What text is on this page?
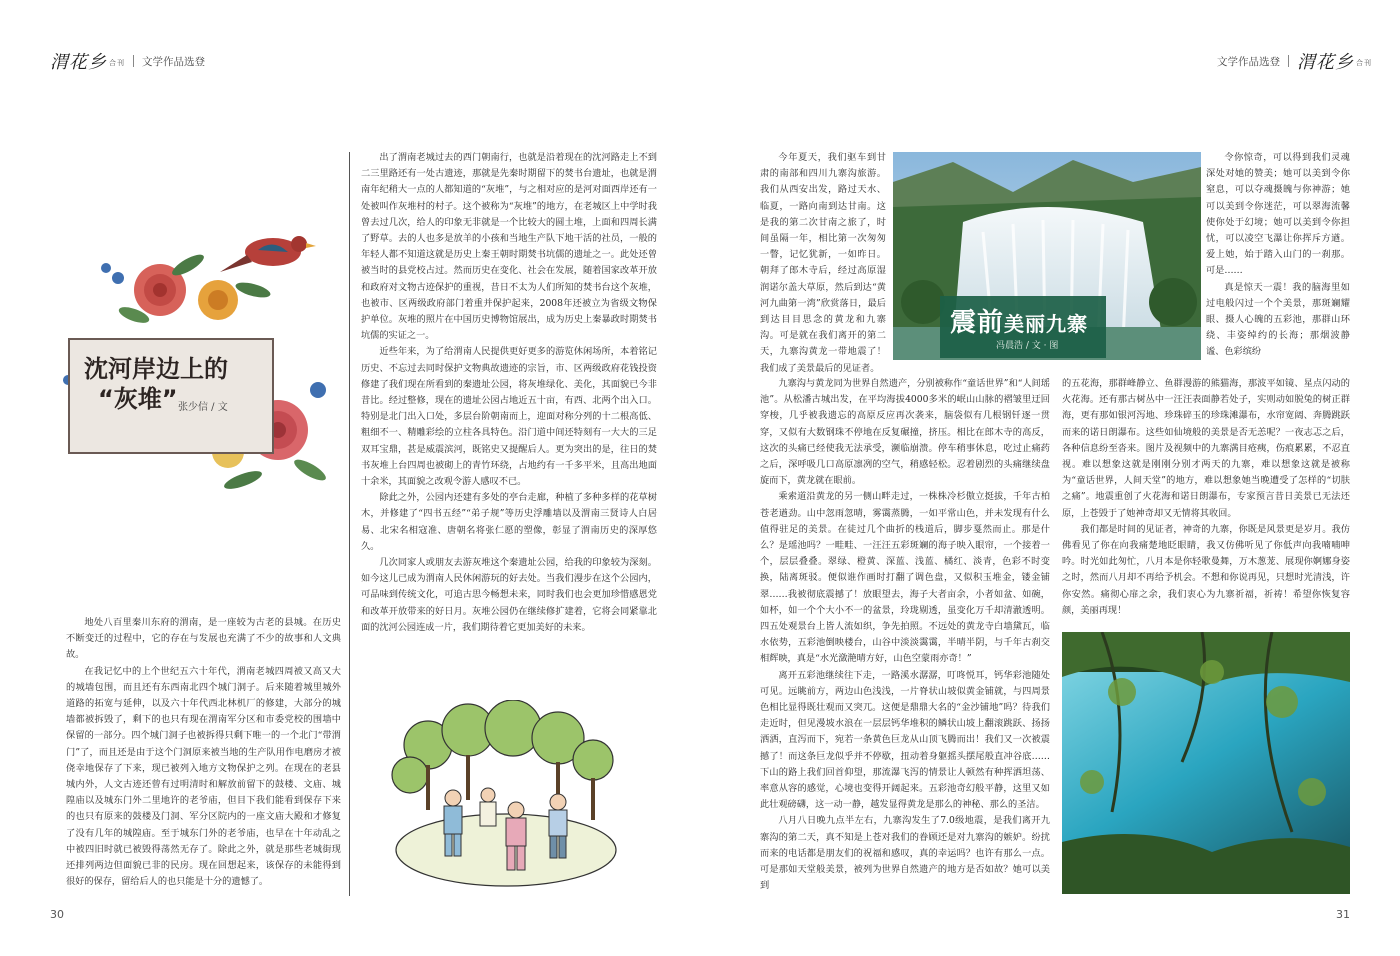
渭花乡 合刊 文学作品选登
沈河岸边上的
“灰堆” 张少信 / 文

地处八百里秦川东府的渭南，是一座较为古老的县城。在历史不断变迁的过程中，它的存在与发展也充满了不少的故事和人文典故。

在我记忆中的上个世纪五六十年代，渭南老城四周被又高又大的城墙包围，而且还有东西南北四个城门洞子。后来随着城里城外道路的拓宽与延伸，以及六十年代西北林机厂的修建，大部分的城墙都被拆毁了，剩下的也只有现在渭南军分区和市委党校的围墙中保留的一部分。四个城门洞子也被拆得只剩下唯一的一个北门“带渭门”了，而且还是由于这个门洞原来被当地的生产队用作电磨房才被侥幸地保存了下来，现已被列入地方文物保护之列。在现在的老县城内外，人文古迹还曾有过明清时和解放前留下的鼓楼、文庙、城隍庙以及城东门外二里地许的老爷庙，但目下我们能看到保存下来的也只有原来的鼓楼及门洞、军分区院内的一座文庙大殿和才修复了没有几年的城隍庙。至于城东门外的老爷庙，也早在十年动乱之中被四旧时就已被毁得荡然无存了。除此之外，就是那些老城街现还排列两边但面貌已非的民房。现在回想起来，该保存的未能得到很好的保存，留给后人的也只能是十分的遗憾了。

出了渭南老城过去的西门朝南行，也就是沿着现在的沈河路走上不到二三里路还有一处古遗迹，那就是先秦时期留下的焚书台遗址，也就是渭南年纪稍大一点的人都知道的“灰堆”，与之相对应的是河对面西岸还有一处被叫作灰堆村的村子。这个被称为“灰堆”的地方，在老城区上中学时我曾去过几次，给人的印象无非就是一个比较大的圆土堆，上面和四周长满了野草。去的人也多是放羊的小孩和当地生产队下地干活的社员，一般的年轻人都不知道这就是历史上秦王朝时期焚书坑儒的遗址之一。此处还曾被当时的县党校占过。然而历史在变化、社会在发展，随着国家改革开放和政府对文物古迹保护的重视，昔日不太为人们所知的焚书台这个灰堆，也被市、区两级政府部门着重并保护起来，2008年还被立为省级文物保护单位。灰堆的照片在中国历史博物馆展出，成为历史上秦暴政时期焚书坑儒的实证之一。

近些年来，为了给渭南人民提供更好更多的游览休闲场所，本着铭记历史、不忘过去同时保护文物典故遗迹的宗旨，市、区两级政府花钱投资修建了我们现在所看到的秦遗址公园，将灰堆绿化、美化，其面貌已今非昔比。经过整修，现在的遗址公园占地近五十亩，有西、北两个出入口。特别是北门出入口处，多层台阶朝南而上，迎面对称分列的十二根高低、粗细不一、精雕彩绘的立柱各具特色。沿门道中间还特刻有一大大的三足双耳宝鼎，甚是威震滨河，既铭史又提醒后人。更为突出的是，往日的焚书灰堆上台四周也被砌上的青竹环绕，占地约有一千多平米，且高出地面十余米，其面貌之改观令游人感叹不已。

除此之外，公园内还建有多处的亭台走廊，种植了多种多样的花草树木，并修建了“四书五经”“弟子规”等历史浮雕墙以及渭南三贤诗人白居易、北宋名相寇准、唐朝名将张仁愿的塑像，彰显了渭南历史的深厚悠久。

几次同家人或朋友去游灰堆这个秦遗址公园，给我的印象较为深刻。如今这儿已成为渭南人民休闲游玩的好去处。当我们漫步在这个公园内，可品味到传统文化，可追古思今畅想未来，同时我们也会更加珍惜感恩党和改革开放带来的好日月。灰堆公园仍在继续修扩建着，它将会同紧靠北面的沈河公园连成一片，我们期待着它更加美好的未来。

30
文学作品选登 渭花乡 合刊

今年夏天，我们驱车到甘肃的南部和四川九寨沟旅游。我们从西安出发，路过天水、临夏，一路向南到达甘南。这是我的第二次甘南之旅了，时间虽隔一年，相比第一次匆匆一瞥，记忆犹新，一如昨日。朝拜了郎木寺后，经过高原湿润诺尔盖大草原，然后到达“黄河九曲第一湾”欣赏落日，最后到达目目思念的黄龙和九寨沟。可是就在我们离开的第二天，九寨沟黄龙一带地震了！我们成了美景最后的见证者。

震前美丽九寨
冯晨浩 / 文 · 图

令你惊奇，可以得到我们灵魂深处对她的赞美；她可以美到令你窒息，可以夺魂摄魄与你神游；她可以美到令你迷茫，可以翠海流馨使你处于幻境；她可以美到令你担忧，可以凌空飞瀑让你挥斥方遒。爱上她，始于踏入山门的一刹那。可是……

真是惊天一震！我的脑海里如过电般闪过一个个美景，那斑斓耀眼、摄人心魄的五彩池，那群山环绕、丰姿绰约的长海；那烟波静谧、色彩缤纷

九寨沟与黄龙同为世界自然遗产，分别被称作“童话世界”和“人间瑶池”。从松潘古城出发，在平均海拔4000多米的岷山山脉的褶皱里迂回穿梭，几乎被我遗忘的高原反应再次袭来，脑袋似有几根钢钎逐一贯穿，又似有大数钢珠不停地在反复碾撞，挤压。相比在郎木寺的高反，这次的头痛已经使我无法承受，濒临崩溃。停车稍事休息，吃过止痛药之后，深呼吸几口高原凛冽的空气，稍感轻松。忍着剧烈的头痛继续盘旋而下，黄龙就在眼前。

乘索道沿黄龙的另一侧山畔走过，一株株冷杉傲立挺拔，千年古柏苍老遒劲。山中忽雨忽晴，雾霭蒸腾，一如平常山色，并未发现有什么值得驻足的美景。在徒过几个曲折的栈道后，脚步戛然而止。那是什么？是瑶池吗？一畦畦、一汪汪五彩斑斓的海子映入眼帘，一个接着一个，层层叠叠。翠绿、橙黄、深蓝、浅蓝、橘红、淡青，色彩不时变换，陆离斑驳。便似谁作画时打翻了调色盘，又似积玉堆金，镂金铺翠……我被彻底震撼了！放眼望去，海子大者亩余，小者如盆、如碗，如杯，如一个个大小不一的盆景，玲珑剔透，虽变化万千却清澈透明。四五处观景台上皆人流如织，争先拍照。不远处的黄龙寺白墙黛瓦，临水依势，五彩池倒映楼台，山谷中淡淡霭霭，半晴半阴，与千年古刹交相辉映，真是“水光潋滟晴方好，山色空蒙雨亦奇！”

离开五彩池继续往下走，一路溪水潺潺，叮咚悦耳，钙华彩池随处可见。远眺前方，两边山色浅浅，一片脊状山坡似黄金铺就，与四周景色相比显得既壮观而又突兀。这便是鼎鼎大名的“金沙铺地”吗？待我们走近时，但见漫坡水浪在一层层钙华堆积的鳞状山坡上翻滚跳跃、扬扬洒洒，直泻而下，宛若一条黄色巨龙从山顶飞腾而出！我们又一次被震撼了！而这条巨龙似乎并不停歇，扭动着身躯摇头摆尾般直冲谷底……下山的路上我们回首仰望，那流瀑飞泻的情景让人顿然有种挥洒坦荡、率意从容的感觉，心境也变得开阔起来。五彩池奇幻般平静，这里又如此壮观磅礴，这一动一静，越发显得黄龙是那么的神秘、那么的圣洁。

八月八日晚九点半左右，九寨沟发生了7.0级地震，是我们离开九寨沟的第二天，真不知是上苍对我们的眷顾还是对九寨沟的嫉妒。纷扰而来的电话都是朋友们的祝福和感叹，真的幸运吗？也许有那么一点。可是那如天堂般美景，被列为世界自然遗产的地方是否如故？她可以美到

的五花海，那群峰静立、鱼群漫游的熊猫海，那波平如镜、星点闪动的火花海。还有那古树丛中一汪汪表面静若处子，实则动如脱兔的树正群海，更有那如银河泻地、珍珠碎玉的珍珠滩瀑布，水帘宽阔、奔腾跳跃而来的诺日朗瀑布。这些如仙境般的美景是否无恙呢？一夜志忑之后，各种信息纷至沓来。图片及视频中的九寨满目疮痍，伤痕累累，不忍直视。难以想象这就是刚刚分别才两天的九寨，难以想象这就是被称为“童话世界，人间天堂”的地方，难以想象她当晚遭受了怎样的“切肤之痛”。地震重创了火花海和诺日朗瀑布，专家预言昔日美景已无法还原，上苍毁于了她神奇却又无情将其收回。

我们都是时间的见证者，神奇的九寨，你既是风景更是岁月。我仿佛看见了你在向我痛楚地眨眼睛，我又仿佛听见了你低声向我喃喃呻吟。时光如此匆忙，八月本是你轻歌曼舞，万木葱茏、展现你婀娜身姿之时，然而八月却不再给予机会。不想和你说再见，只想时光清浅，许你安然。痛彻心扉之余，我们衷心为九寨祈福，祈祷！希望你恢复容颜，美丽再现！

31
